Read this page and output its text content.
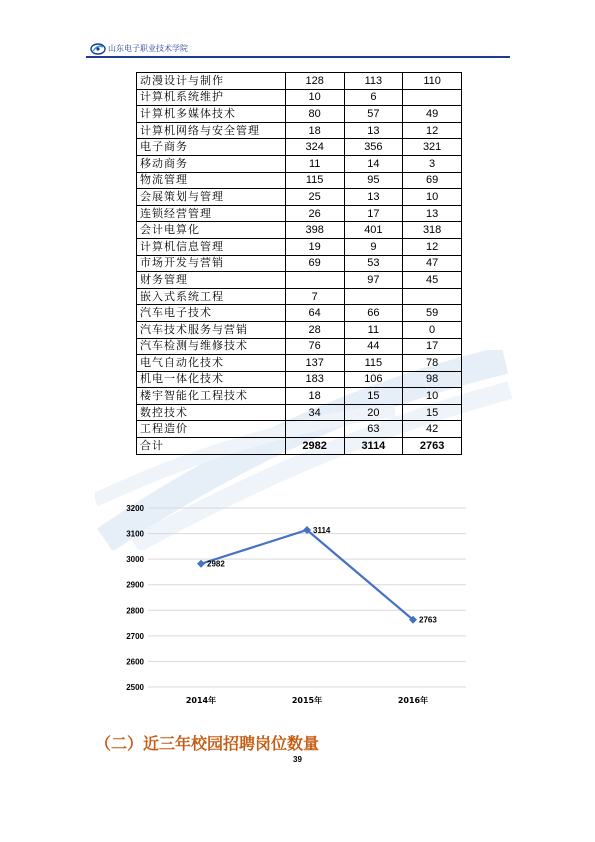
山东电子职业技术学院
动漫设计与制作	128	113	110
计算机系统维护	10	6	
计算机多媒体技术	80	57	49
计算机网络与安全管理	18	13	12
电子商务	324	356	321
移动商务	11	14	3
物流管理	115	95	69
会展策划与管理	25	13	10
连锁经营管理	26	17	13
会计电算化	398	401	318
计算机信息管理	19	9	12
市场开发与营销	69	53	47
财务管理		97	45
嵌入式系统工程	7		
汽车电子技术	64	66	59
汽车技术服务与营销	28	11	0
汽车检测与维修技术	76	44	17
电气自动化技术	137	115	78
机电一体化技术	183	106	98
楼宇智能化工程技术	18	15	10
数控技术	34	20	15
工程造价		63	42
合计	2982	3114	2763
2500
2600
2700
2800
2900
3000
3100
3200
2014年	2015年	2016年
2982
3114
2763
（二）近三年校园招聘岗位数量
39
